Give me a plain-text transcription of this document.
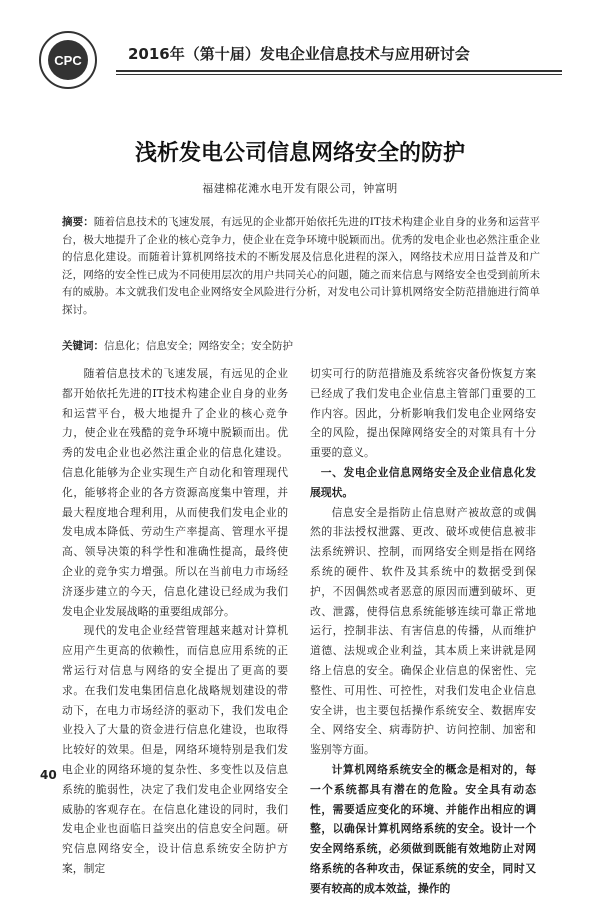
CPC	2016年（第十届）发电企业信息技术与应用研讨会
浅析发电公司信息网络安全的防护
福建棉花滩水电开发有限公司，钟富明
摘要：随着信息技术的飞速发展，有远见的企业都开始依托先进的IT技术构建企业自身的业务和运营平台，极大地提升了企业的核心竞争力，使企业在竞争环境中脱颖而出。优秀的发电企业也必然注重企业的信息化建设。而随着计算机网络技术的不断发展及信息化进程的深入，网络技术应用日益普及和广泛，网络的安全性已成为不同使用层次的用户共同关心的问题，随之而来信息与网络安全也受到前所未有的威胁。本文就我们发电企业网络安全风险进行分析，对发电公司计算机网络安全防范措施进行简单探讨。
关键词：信息化；信息安全；网络安全；安全防护

随着信息技术的飞速发展，有远见的企业都开始依托先进的IT技术构建企业自身的业务和运营平台，极大地提升了企业的核心竞争力，使企业在残酷的竞争环境中脱颖而出。优秀的发电企业也必然注重企业的信息化建设。信息化能够为企业实现生产自动化和管理现代化，能够将企业的各方资源高度集中管理，并最大程度地合理利用，从而使我们发电企业的发电成本降低、劳动生产率提高、管理水平提高、领导决策的科学性和准确性提高，最终使企业的竞争实力增强。所以在当前电力市场经济逐步建立的今天，信息化建设已经成为我们发电企业发展战略的重要组成部分。

现代的发电企业经营管理越来越对计算机应用产生更高的依赖性，而信息应用系统的正常运行对信息与网络的安全提出了更高的要求。在我们发电集团信息化战略规划建设的带动下，在电力市场经济的驱动下，我们发电企业投入了大量的资金进行信息化建设，也取得比较好的效果。但是，网络环境特别是我们发电企业的网络环境的复杂性、多变性以及信息系统的脆弱性，决定了我们发电企业网络安全威胁的客观存在。在信息化建设的同时，我们发电企业也面临日益突出的信息安全问题。研究信息网络安全，设计信息系统安全防护方案，制定

切实可行的防范措施及系统容灾备份恢复方案已经成了我们发电企业信息主管部门重要的工作内容。因此，分析影响我们发电企业网络安全的风险，提出保障网络安全的对策具有十分重要的意义。

一、发电企业信息网络安全及企业信息化发展现状。

信息安全是指防止信息财产被故意的或偶然的非法授权泄露、更改、破坏或使信息被非法系统辨识、控制，而网络安全则是指在网络系统的硬件、软件及其系统中的数据受到保护，不因偶然或者恶意的原因而遭到破坏、更改、泄露，使得信息系统能够连续可靠正常地运行，控制非法、有害信息的传播，从而维护道德、法规或企业利益，其本质上来讲就是网络上信息的安全。确保企业信息的保密性、完整性、可用性、可控性，对我们发电企业信息安全讲，也主要包括操作系统安全、数据库安全、网络安全、病毒防护、访问控制、加密和鉴别等方面。

计算机网络系统安全的概念是相对的，每一个系统都具有潜在的危险。安全具有动态性，需要适应变化的环境、并能作出相应的调整，以确保计算机网络系统的安全。设计一个安全网络系统，必须做到既能有效地防止对网络系统的各种攻击，保证系统的安全，同时又要有较高的成本效益，操作的

40
